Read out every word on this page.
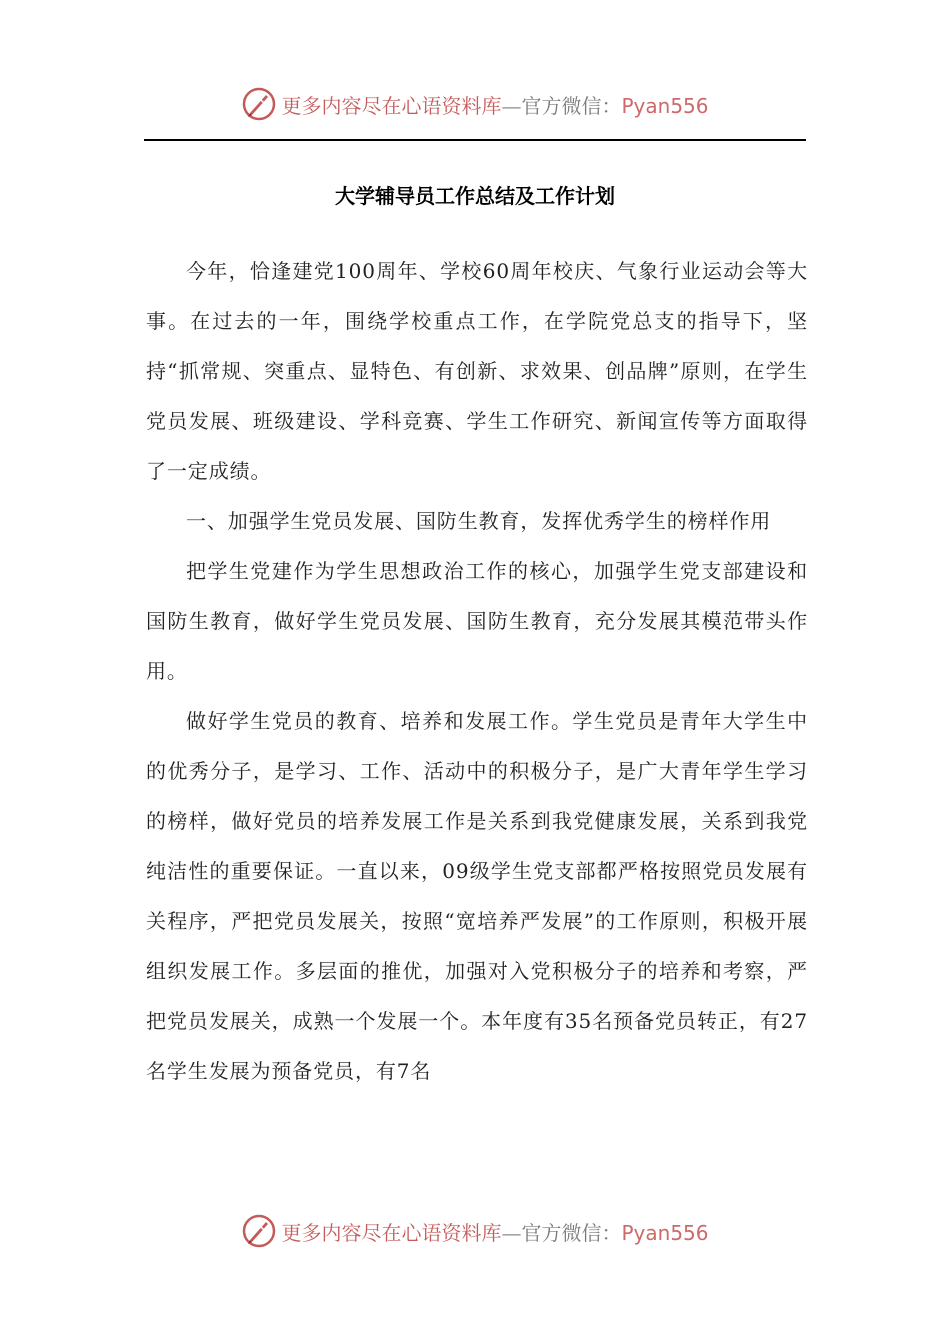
更多内容尽在心语资料库—官方微信：Pyan556
大学辅导员工作总结及工作计划

今年，恰逢建党100周年、学校60周年校庆、气象行业运动会等大事。在过去的一年，围绕学校重点工作，在学院党总支的指导下，坚持“抓常规、突重点、显特色、有创新、求效果、创品牌”原则，在学生党员发展、班级建设、学科竞赛、学生工作研究、新闻宣传等方面取得了一定成绩。

一、加强学生党员发展、国防生教育，发挥优秀学生的榜样作用

把学生党建作为学生思想政治工作的核心，加强学生党支部建设和国防生教育，做好学生党员发展、国防生教育，充分发展其模范带头作用。

做好学生党员的教育、培养和发展工作。学生党员是青年大学生中的优秀分子，是学习、工作、活动中的积极分子，是广大青年学生学习的榜样，做好党员的培养发展工作是关系到我党健康发展，关系到我党纯洁性的重要保证。一直以来，09级学生党支部都严格按照党员发展有关程序，严把党员发展关，按照“宽培养严发展”的工作原则，积极开展组织发展工作。多层面的推优，加强对入党积极分子的培养和考察，严把党员发展关，成熟一个发展一个。本年度有35名预备党员转正，有27名学生发展为预备党员，有7名

更多内容尽在心语资料库—官方微信：Pyan556
